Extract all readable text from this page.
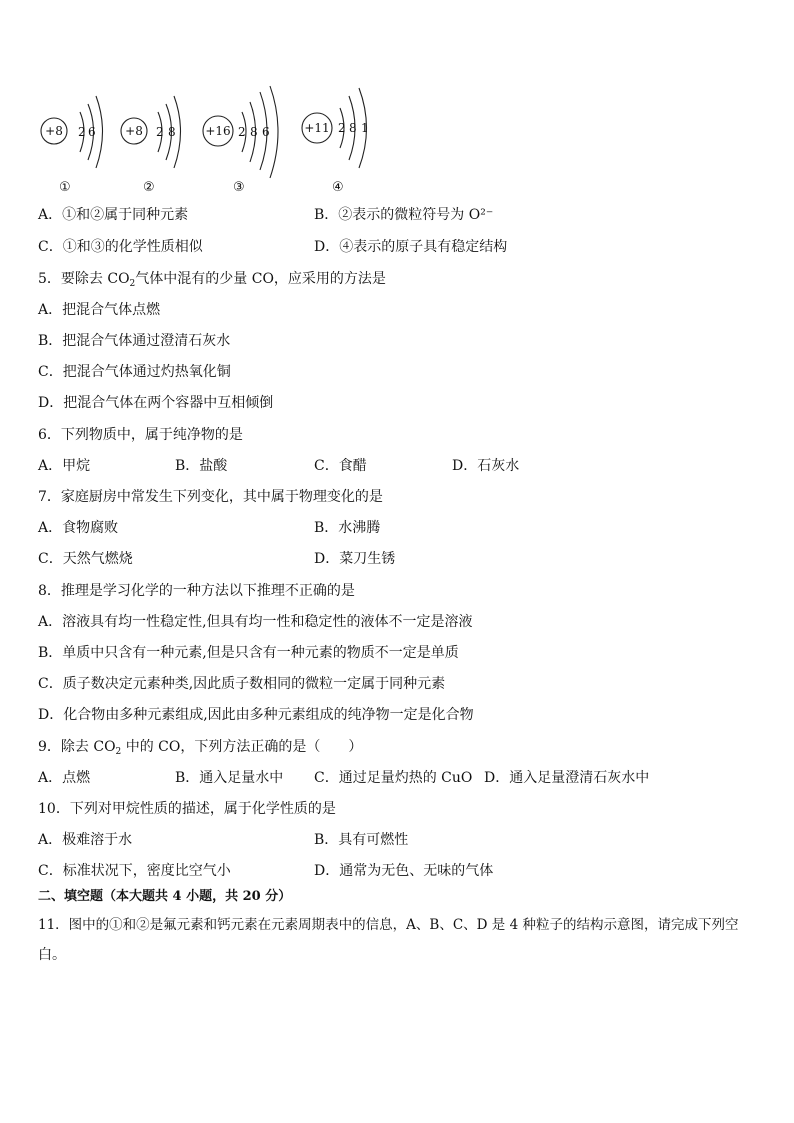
+8 2 6 +8 2 8 +16 2 8 6	+11 2 8 1
①	②	③	④
A．①和②属于同种元素	B．②表示的微粒符号为 O²⁻
C．①和③的化学性质相似	D．④表示的原子具有稳定结构
5．要除去 $CO_2$气体中混有的少量 CO，应采用的方法是
A．把混合气体点燃
B．把混合气体通过澄清石灰水
C．把混合气体通过灼热氧化铜
D．把混合气体在两个容器中互相倾倒
6．下列物质中，属于纯净物的是
A．甲烷	B．盐酸	C．食醋	D．石灰水
7．家庭厨房中常发生下列变化，其中属于物理变化的是
A．食物腐败	B．水沸腾
C．天然气燃烧	D．菜刀生锈
8．推理是学习化学的一种方法以下推理不正确的是
A．溶液具有均一性稳定性,但具有均一性和稳定性的液体不一定是溶液
B．单质中只含有一种元素,但是只含有一种元素的物质不一定是单质
C．质子数决定元素种类,因此质子数相同的微粒一定属于同种元素
D．化合物由多种元素组成,因此由多种元素组成的纯净物一定是化合物
9．除去 $CO_2$ 中的 CO，下列方法正确的是（　　）
A．点燃	B．通入足量水中 C．通过足量灼热的 CuO D．通入足量澄清石灰水中
10．下列对甲烷性质的描述，属于化学性质的是
A．极难溶于水	B．具有可燃性
C．标准状况下，密度比空气小	D．通常为无色、无味的气体
二、填空题（本大题共 4 小题，共 20 分）
11．图中的①和②是氟元素和钙元素在元素周期表中的信息，A、B、C、D 是 4 种粒子的结构示意图，请完成下列空
白。
